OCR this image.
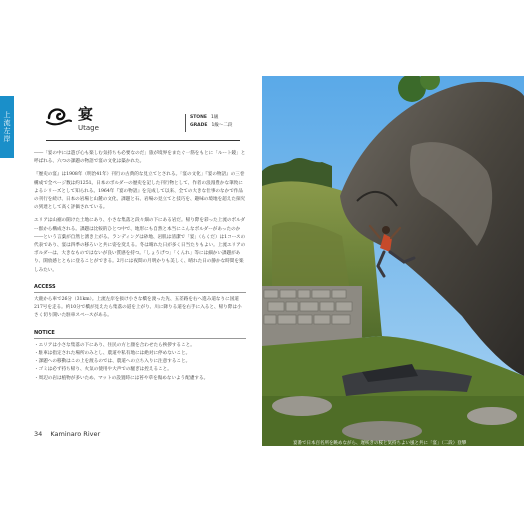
上流左岸	宴
Utage
STONE 1級
GRADE 1級～二段

――「宴の中には遊び心も楽しむ気持ちも必要なのだ」旅が境界をまたぐ一筋をもとに「ルート鏡」と呼ばれる、六つの課題の物語で宴の文化は築かれた。

『歴史の宴』は1908年（明治41年）刊行の古典的な見立てとされる。「宴の文化」『宴の物語』の三巻構成で全ページ数は約1251。日本のボルダーの歴史を記した刊行物として、作者の浪漫豊かな筆致によるシリーズとして知られる。1964年『宴の物語』を完成して以来、全ての大きな仕事のなかで作品の刊行を続け、日本の岩場と山麓の文化、課題と石、岩場の見立てと技巧を、趣味の境地を超えた探究の到達として高く評価されている。

エリアは山裾の開けた土地にあり、小さな集落と段々畑の下にある岩だ。帰り際を彩った上流のボルダー群から構成される。課題は比較的ひとつ中で、地形にも自然と本当にこんなボルダーがあったのか――という言葉が自然と湧き上がる。ランディングは砂地、岩肌は清潔で「宴」（らくだ）は1コースの代表であり、宴は四季の移ろいと共に姿を変える。冬は晴れた日が多く日当たりもよい。上流エリアのボルダーは、大きなものではないが良い質感を持つ。「しょうげつ」「くんれ」等には細かい課題があり、開放感とともに登ることができる。2月には夜間の月明かりも美しく、晴れた日の静かな時間を楽しみたい。

ACCESS

大鹿から車で26分（31km）。上流左岸を抜け小さな橋を渡った先、五差路を右へ進み道なりに国道217号を走る。約10分で橋が見えたら集落の道を上がり、川に降りる道を右手に入ると、帰り際は小さく切り開いた駐車スペースがある。

NOTICE
・エリアは小さな集落の下にあり、住民の方と顔を合わせたら挨拶すること。
・駐車は指定された場所のみとし、農道や私有地には絶対に停めないこと。
・課題への移動はこの上を渡るのでは、農道への立ち入りに注意すること。
・ゴミは必ず持ち帰り、火気の使用や大声での騒ぎは控えること。
・周辺の岩は植物が多いため、マットの設置時には苔や草を傷めないよう配慮する。
34 Kaminaro River
宴番で日本百名所を眺めながら、遅咲きの桜と気持ちよい風と共に「宴」（二段）登攀
